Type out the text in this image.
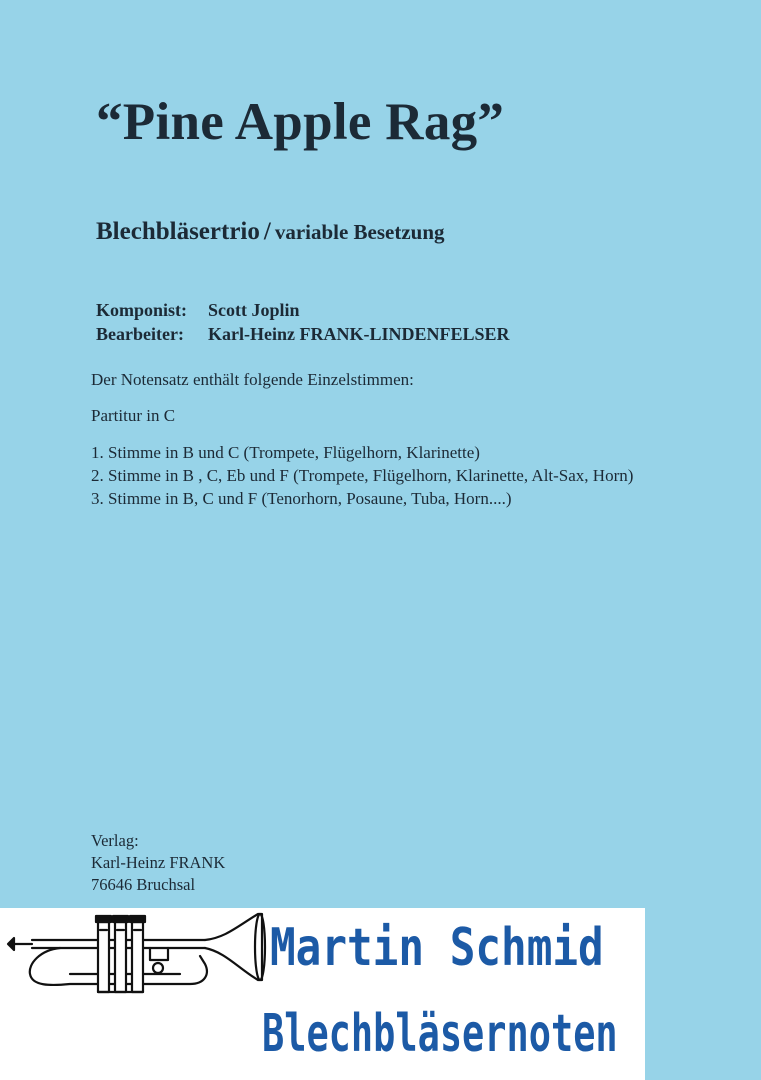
“Pine Apple Rag”
Blechbläsertrio / variable Besetzung
Komponist: Scott Joplin
Bearbeiter: Karl-Heinz FRANK-LINDENFELSER
Der Notensatz enthält folgende Einzelstimmen:
Partitur in C
1. Stimme in B und C (Trompete, Flügelhorn, Klarinette)
2. Stimme in B , C, Eb und F (Trompete, Flügelhorn, Klarinette, Alt-Sax, Horn)
3. Stimme in B, C und F (Tenorhorn, Posaune, Tuba, Horn....)
Verlag:
Karl-Heinz FRANK
76646 Bruchsal

Martin Schmid

Blechbläsernoten
